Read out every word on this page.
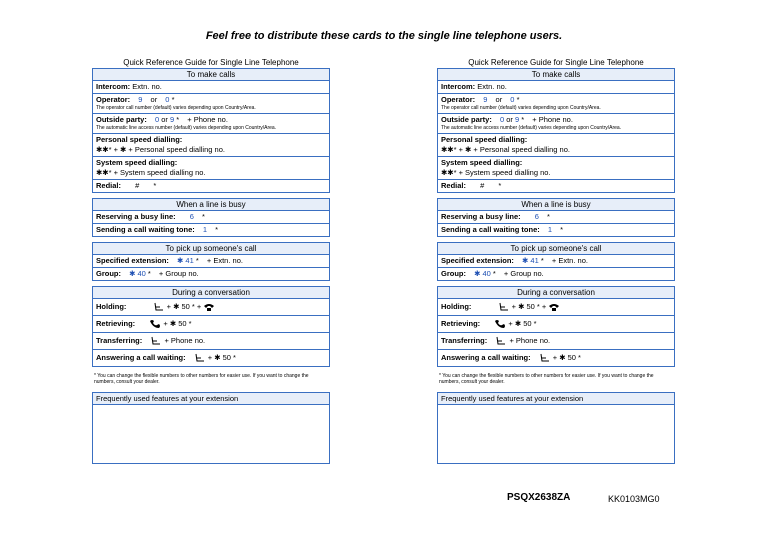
Feel free to distribute these cards to the single line telephone users.
Quick Reference Guide for Single Line Telephone
To make calls
Intercom: Extn. no.
Operator: 9 or 0 *
The operator call number (default) varies depending upon Country/Area.
Outside party: 0 or 9 * + Phone no.
The automatic line access number (default) varies depending upon Country/Area.
Personal speed dialling:
✱✱* + ✱ + Personal speed dialling no.
System speed dialling:
✱✱* + System speed dialling no.
Redial: # *
When a line is busy
Reserving a busy line: 6 *
Sending a call waiting tone: 1 *
To pick up someone's call
Specified extension: ✱ 41 * + Extn. no.
Group: ✱ 40 * + Group no.
During a conversation
Holding:	+ ✱ 50 * +
Retrieving:	+ ✱ 50 *
Transferring:	+ Phone no.
Answering a call waiting:	+ ✱ 50 *
* You can change the flexible numbers to other numbers for easier use. If you want to change the numbers, consult your dealer.
Frequently used features at your extension
Quick Reference Guide for Single Line Telephone
To make calls
Intercom: Extn. no.
Operator: 9 or 0 *
The operator call number (default) varies depending upon Country/Area.
Outside party: 0 or 9 * + Phone no.
The automatic line access number (default) varies depending upon Country/Area.
Personal speed dialling:
✱✱* + ✱ + Personal speed dialling no.
System speed dialling:
✱✱* + System speed dialling no.
Redial: # *
When a line is busy
Reserving a busy line: 6 *
Sending a call waiting tone: 1 *
To pick up someone's call
Specified extension: ✱ 41 * + Extn. no.
Group: ✱ 40 * + Group no.
During a conversation
Holding:	+ ✱ 50 * +
Retrieving:	+ ✱ 50 *
Transferring:	+ Phone no.
Answering a call waiting:	+ ✱ 50 *
* You can change the flexible numbers to other numbers for easier use. If you want to change the numbers, consult your dealer.
Frequently used features at your extension
PSQX2638ZA	KK0103MG0
